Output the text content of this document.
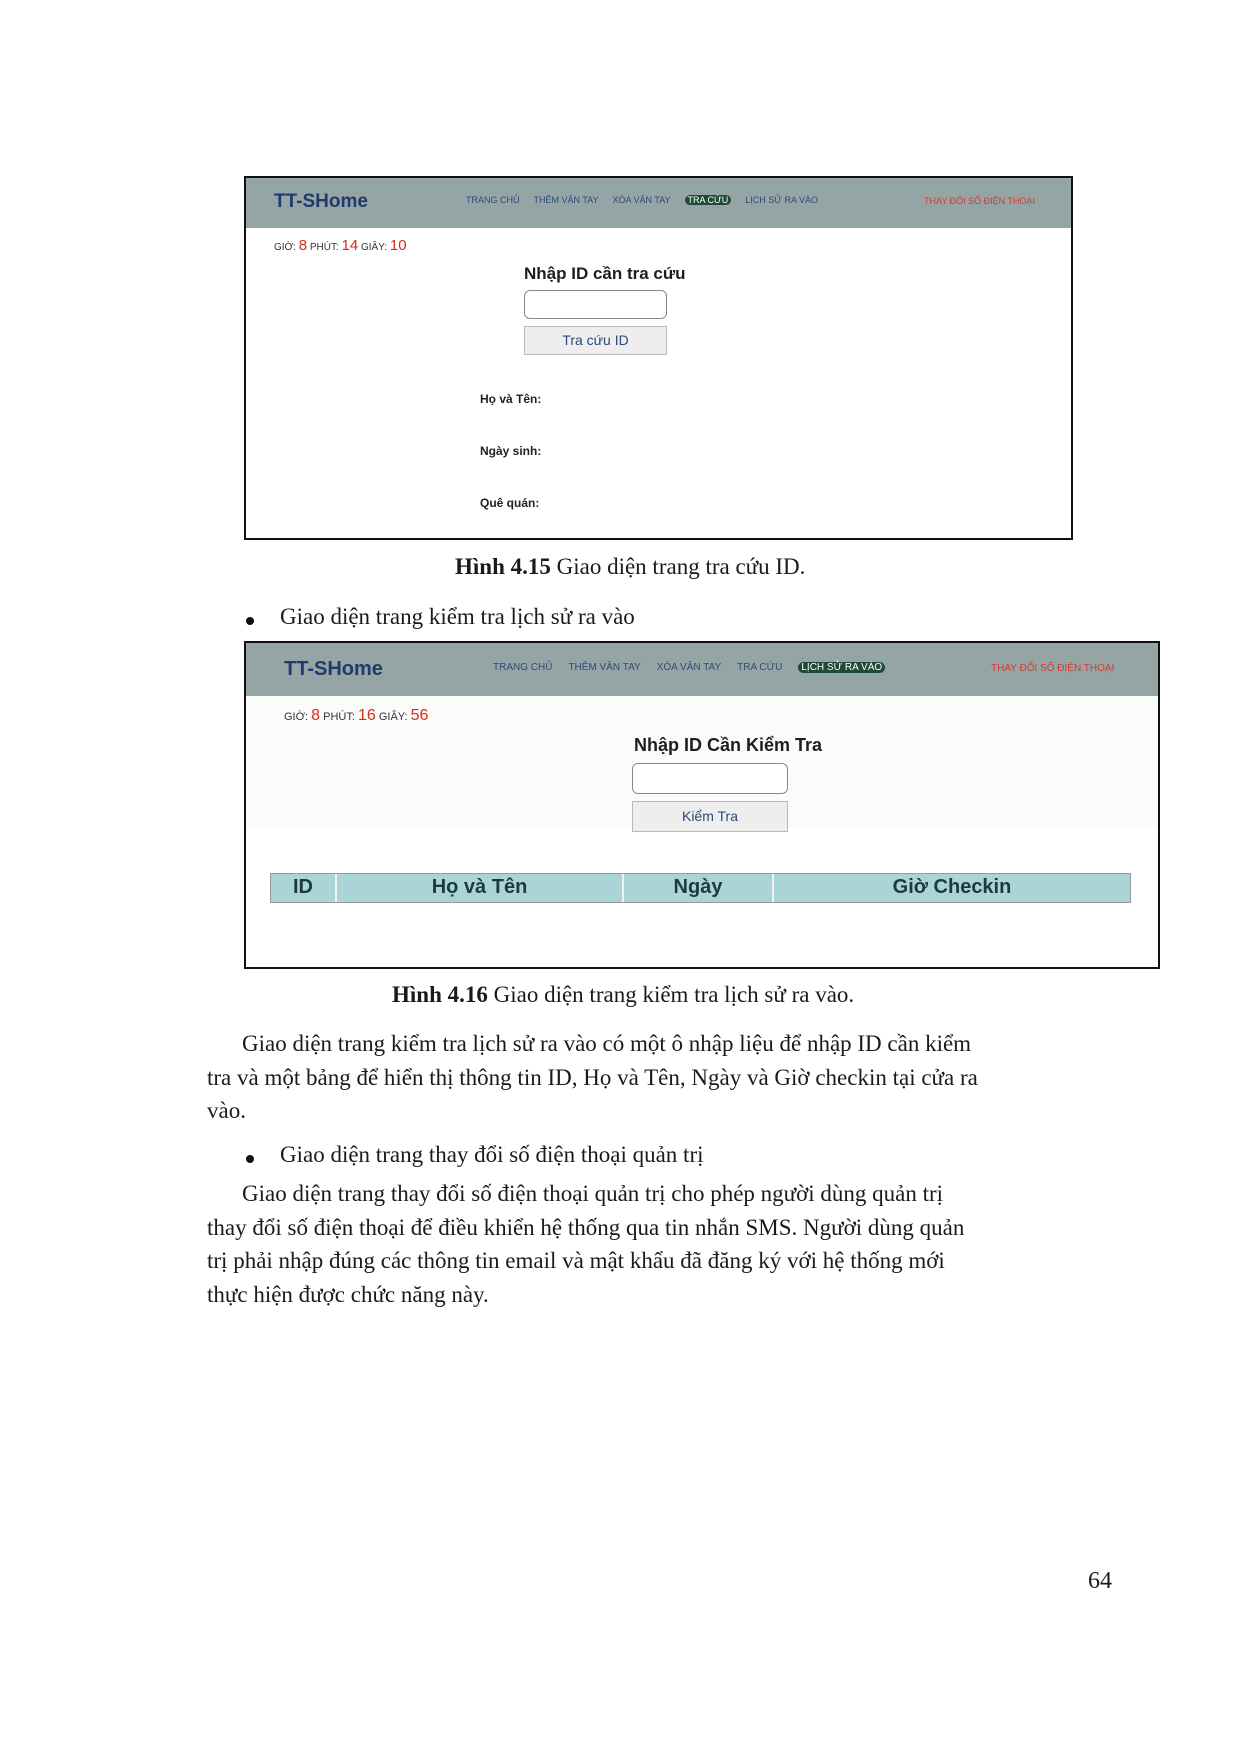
TT-SHome	TRANG CHỦ THÊM VÂN TAY XÓA VÂN TAY	TRA CỨU	LỊCH SỬ RA VÀO	THAY ĐỔI SỐ ĐIỆN THOẠI
GIỜ: 8 PHÚT: 14 GIÂY: 10
Nhập ID cần tra cứu
Tra cứu ID
Họ và Tên:
Ngày sinh:
Quê quán:
Hình 4.15 Giao diện trang tra cứu ID.
Giao diện trang kiểm tra lịch sử ra vào
TT-SHome	TRANG CHỦ THÊM VÂN TAY XÓA VÂN TAY TRA CỨU	LỊCH SỬ RA VÀO	THAY ĐỔI SỐ ĐIỆN THOẠI
GIỜ: 8 PHÚT: 16 GIÂY: 56
Nhập ID Cần Kiểm Tra
Kiểm Tra
ID	Họ và Tên	Ngày	Giờ Checkin
Hình 4.16 Giao diện trang kiểm tra lịch sử ra vào.
Giao diện trang kiểm tra lịch sử ra vào có một ô nhập liệu để nhập ID cần kiểm
tra và một bảng để hiển thị thông tin ID, Họ và Tên, Ngày và Giờ checkin tại cửa ra
vào.
Giao diện trang thay đổi số điện thoại quản trị
Giao diện trang thay đổi số điện thoại quản trị cho phép người dùng quản trị
thay đổi số điện thoại để điều khiển hệ thống qua tin nhắn SMS. Người dùng quản
trị phải nhập đúng các thông tin email và mật khẩu đã đăng ký với hệ thống mới
thực hiện được chức năng này.
64
